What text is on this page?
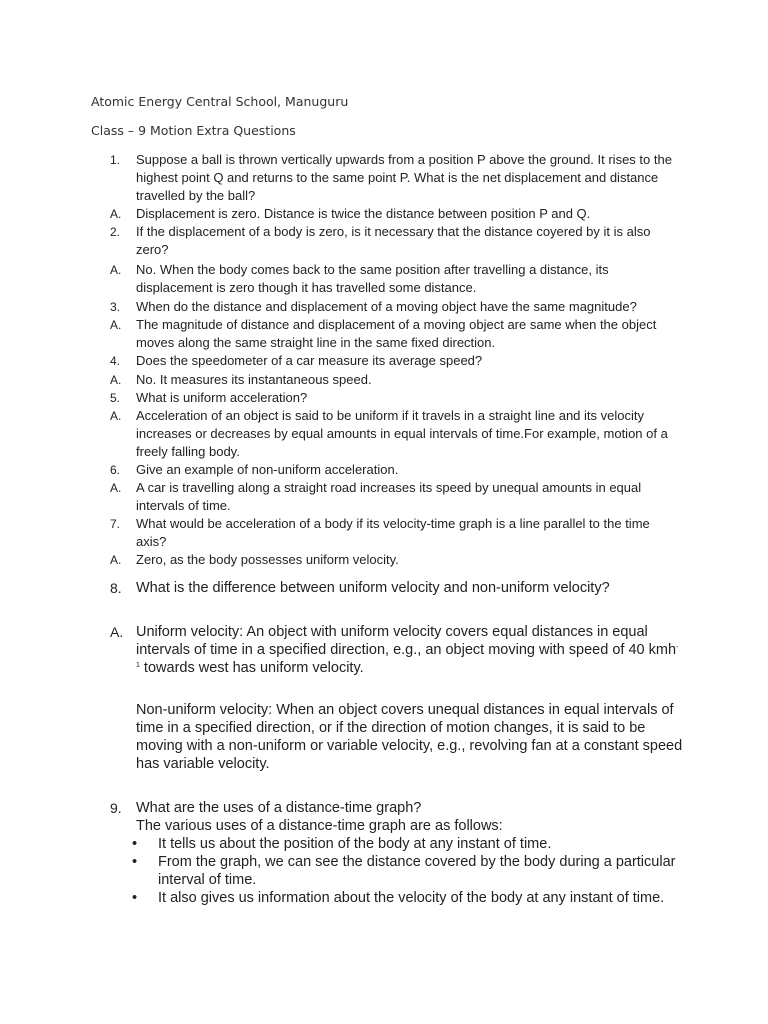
Atomic Energy Central School, Manuguru
Class – 9 Motion Extra Questions
1.	Suppose a ball is thrown vertically upwards from a position P above the ground. It rises to the highest point Q and returns to the same point P. What is the net displacement and distance travelled by the ball?
A.	Displacement is zero. Distance is twice the distance between position P and Q.
2.	If the displacement of a body is zero, is it necessary that the distance coyered by it is also zero?
A.	No. When the body comes back to the same position after travelling a distance, its displacement is zero though it has travelled some distance.
3.	When do the distance and displacement of a moving object have the same magnitude?
A.	The magnitude of distance and displacement of a moving object are same when the object moves along the same straight line in the same fixed direction.
4.	Does the speedometer of a car measure its average speed?
A.	No. It measures its instantaneous speed.
5.	What is uniform acceleration?
A.	Acceleration of an object is said to be uniform if it travels in a straight line and its velocity increases or decreases by equal amounts in equal intervals of time.For example, motion of a freely falling body.
6.	Give an example of non-uniform acceleration.
A.	A car is travelling along a straight road increases its speed by unequal amounts in equal intervals of time.
7.	What would be acceleration of a body if its velocity-time graph is a line parallel to the time axis?
A.	Zero, as the body possesses uniform velocity.
8. What is the difference between uniform velocity and non-uniform velocity?
A. Uniform velocity: An object with uniform velocity covers equal distances in equal intervals of time in a specified direction, e.g., an object moving with speed of 40 kmh$^{-1}$ towards west has uniform velocity.
Non-uniform velocity: When an object covers unequal distances in equal intervals of time in a specified direction, or if the direction of motion changes, it is said to be moving with a non-uniform or variable velocity, e.g., revolving fan at a constant speed has variable velocity.
9. What are the uses of a distance-time graph?
The various uses of a distance-time graph are as follows:
• It tells us about the position of the body at any instant of time.
• From the graph, we can see the distance covered by the body during a particular interval of time.
• It also gives us information about the velocity of the body at any instant of time.
